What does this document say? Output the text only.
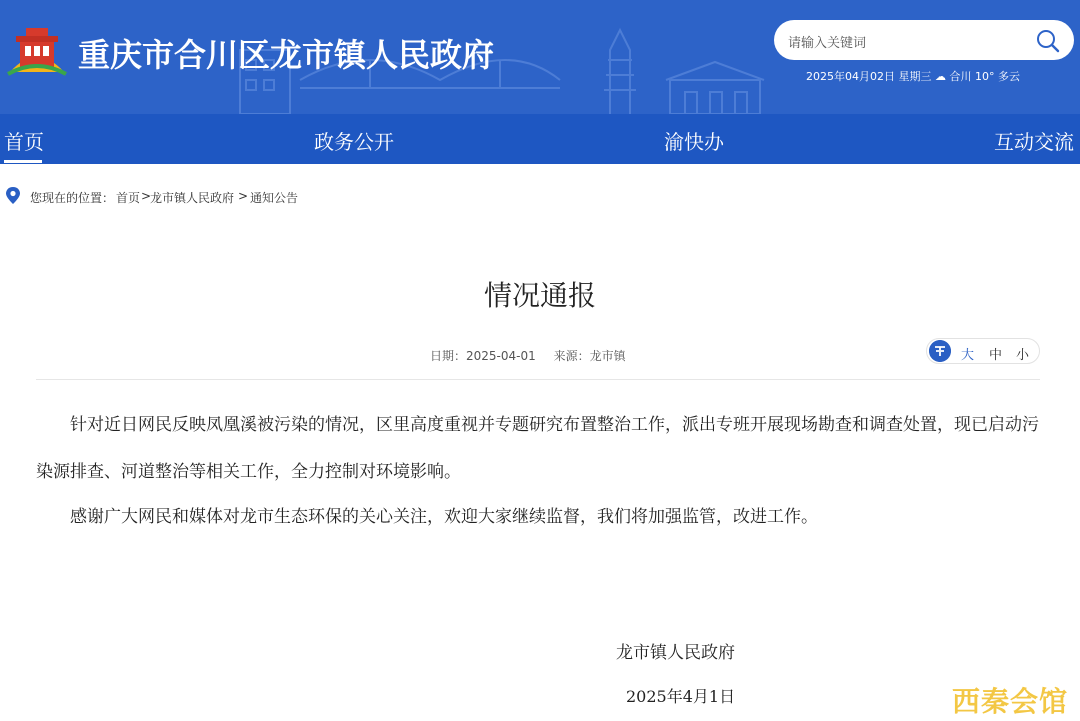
重庆市合川区龙市镇人民政府	请输入关键词
2025年04月02日 星期三 ☁ 合川 10° 多云
首页	政务公开	渝快办	互动交流
您现在的位置： 首页 >
龙市镇人民政府 > 通知公告
情况通报
日期：2025-04-01 来源：龙市镇	大 中 小

针对近日网民反映凤凰溪被污染的情况，区里高度重视并专题研究布置整治工作，派出专班开展现场勘查和调查处置，现已启动污染源排查、河道整治等相关工作，全力控制对环境影响。

感谢广大网民和媒体对龙市生态环保的关心关注，欢迎大家继续监督，我们将加强监管，改进工作。

龙市镇人民政府
2025年4月1日	西秦会馆
